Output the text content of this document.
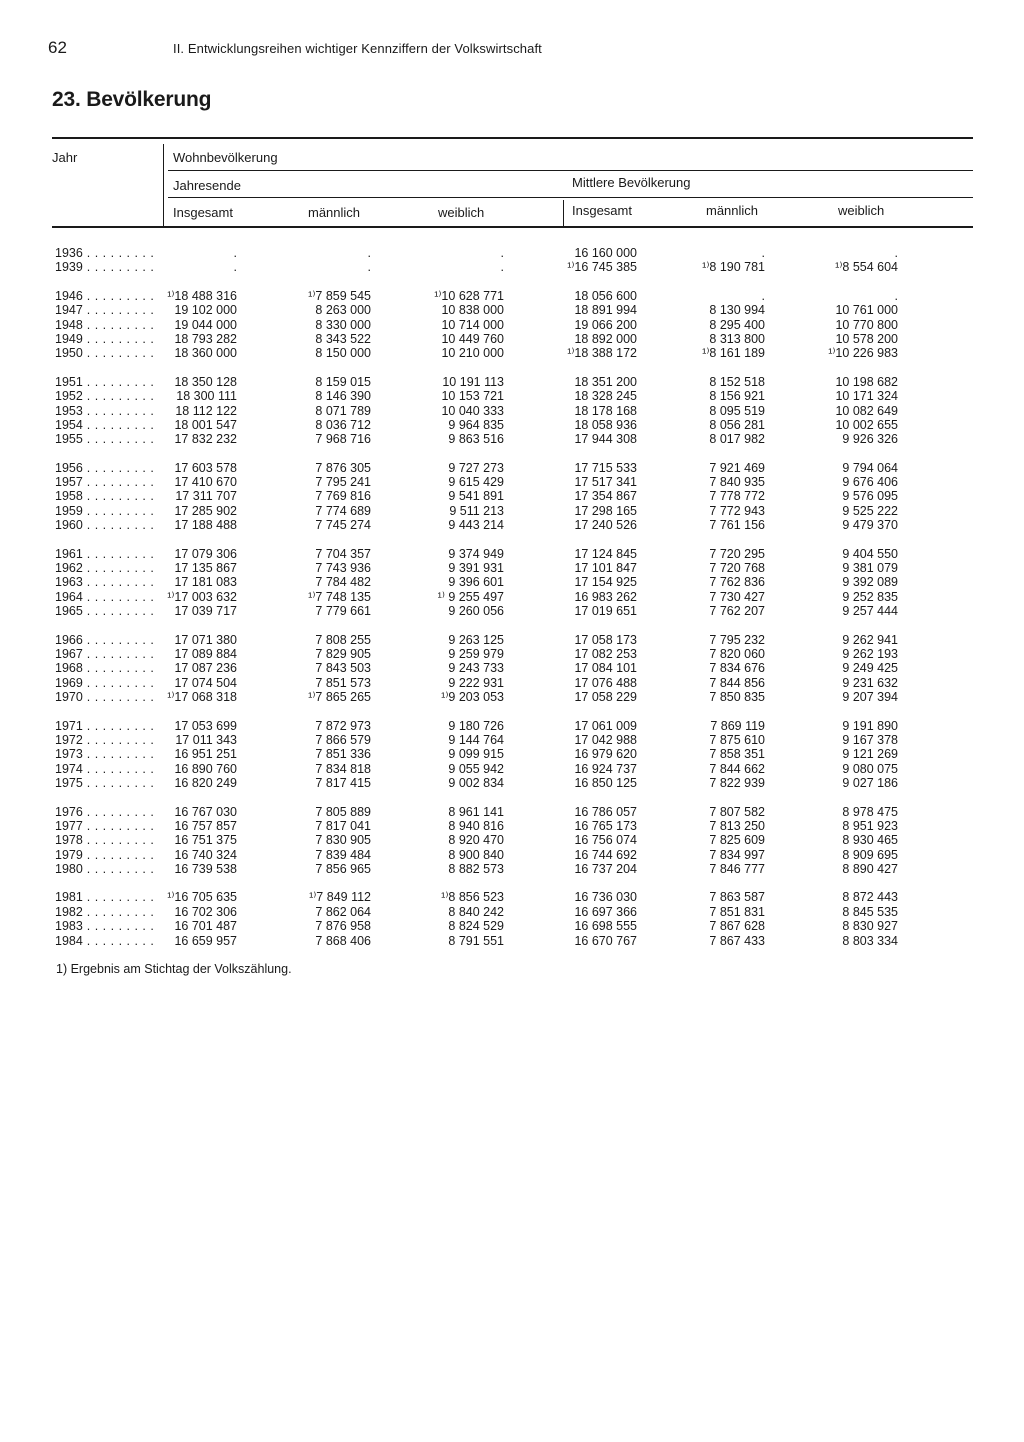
62	II. Entwicklungsreihen wichtiger Kennziffern der Volkswirtschaft
23. Bevölkerung
Jahr	Wohnbevölkerung
Jahresende	Mittlere Bevölkerung
Insgesamt	männlich	weiblich	Insgesamt	männlich	weiblich
1936 . . .	.	.	.	16 160 000	.	.
1939 . . .	.	.	.	¹⁾16 745 385	¹⁾8 190 781	¹⁾8 554 604
1946 . . .	¹⁾18 488 316	¹⁾7 859 545	¹⁾10 628 771	18 056 600	.	.
1947 . . .	19 102 000	8 263 000	10 838 000	18 891 994	8 130 994	10 761 000
1948 . . .	19 044 000	8 330 000	10 714 000	19 066 200	8 295 400	10 770 800
1949 . . .	18 793 282	8 343 522	10 449 760	18 892 000	8 313 800	10 578 200
1950 . . .	18 360 000	8 150 000	10 210 000	¹⁾18 388 172	¹⁾8 161 189	¹⁾10 226 983
1951 . . .	18 350 128	8 159 015	10 191 113	18 351 200	8 152 518	10 198 682
1952 . . .	18 300 111	8 146 390	10 153 721	18 328 245	8 156 921	10 171 324
1953 . . .	18 112 122	8 071 789	10 040 333	18 178 168	8 095 519	10 082 649
1954 . . .	18 001 547	8 036 712	9 964 835	18 058 936	8 056 281	10 002 655
1955 . . .	17 832 232	7 968 716	9 863 516	17 944 308	8 017 982	9 926 326
1956 . . .	17 603 578	7 876 305	9 727 273	17 715 533	7 921 469	9 794 064
1957 . . .	17 410 670	7 795 241	9 615 429	17 517 341	7 840 935	9 676 406
1958 . . .	17 311 707	7 769 816	9 541 891	17 354 867	7 778 772	9 576 095
1959 . . .	17 285 902	7 774 689	9 511 213	17 298 165	7 772 943	9 525 222
1960 . . .	17 188 488	7 745 274	9 443 214	17 240 526	7 761 156	9 479 370
1961 . . .	17 079 306	7 704 357	9 374 949	17 124 845	7 720 295	9 404 550
1962 . . .	17 135 867	7 743 936	9 391 931	17 101 847	7 720 768	9 381 079
1963 . . .	17 181 083	7 784 482	9 396 601	17 154 925	7 762 836	9 392 089
1964 . . .	¹⁾17 003 632	¹⁾7 748 135	¹⁾ 9 255 497	16 983 262	7 730 427	9 252 835
1965 . . .	17 039 717	7 779 661	9 260 056	17 019 651	7 762 207	9 257 444
1966 . . .	17 071 380	7 808 255	9 263 125	17 058 173	7 795 232	9 262 941
1967 . . .	17 089 884	7 829 905	9 259 979	17 082 253	7 820 060	9 262 193
1968 . . .	17 087 236	7 843 503	9 243 733	17 084 101	7 834 676	9 249 425
1969 . . .	17 074 504	7 851 573	9 222 931	17 076 488	7 844 856	9 231 632
1970 . . .	¹⁾17 068 318	¹⁾7 865 265	¹⁾9 203 053	17 058 229	7 850 835	9 207 394
1971 . . .	17 053 699	7 872 973	9 180 726	17 061 009	7 869 119	9 191 890
1972 . . .	17 011 343	7 866 579	9 144 764	17 042 988	7 875 610	9 167 378
1973 . . .	16 951 251	7 851 336	9 099 915	16 979 620	7 858 351	9 121 269
1974 . . .	16 890 760	7 834 818	9 055 942	16 924 737	7 844 662	9 080 075
1975 . . .	16 820 249	7 817 415	9 002 834	16 850 125	7 822 939	9 027 186
1976 . . .	16 767 030	7 805 889	8 961 141	16 786 057	7 807 582	8 978 475
1977 . . .	16 757 857	7 817 041	8 940 816	16 765 173	7 813 250	8 951 923
1978 . . .	16 751 375	7 830 905	8 920 470	16 756 074	7 825 609	8 930 465
1979 . . .	16 740 324	7 839 484	8 900 840	16 744 692	7 834 997	8 909 695
1980 . . .	16 739 538	7 856 965	8 882 573	16 737 204	7 846 777	8 890 427
1981 . . .	¹⁾16 705 635	¹⁾7 849 112	¹⁾8 856 523	16 736 030	7 863 587	8 872 443
1982 . . .	16 702 306	7 862 064	8 840 242	16 697 366	7 851 831	8 845 535
1983 . . .	16 701 487	7 876 958	8 824 529	16 698 555	7 867 628	8 830 927
1984 . . .	16 659 957	7 868 406	8 791 551	16 670 767	7 867 433	8 803 334
1) Ergebnis am Stichtag der Volkszählung.
